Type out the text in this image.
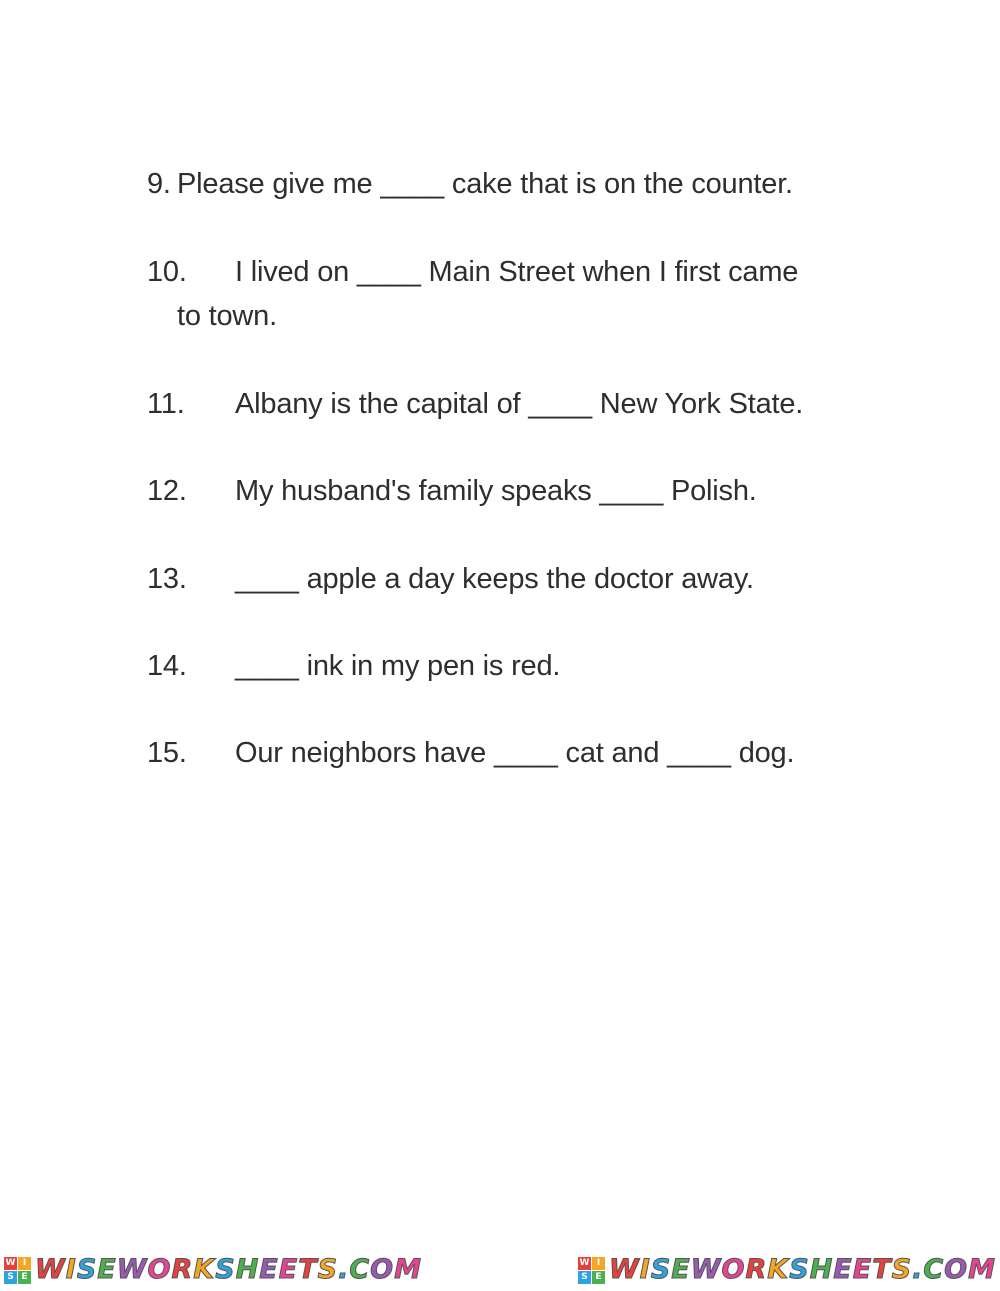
9. Please give me ____ cake that is on the counter.
10. I lived on ____ Main Street when I first came
to town.
11. Albany is the capital of ____ New York State.
12. My husband's family speaks ____ Polish.
13. ____ apple a day keeps the doctor away.
14. ____ ink in my pen is red.
15. Our neighbors have ____ cat and ____ dog.
W I
S E WISEWORKSHEETS.COM	W I
S E WISEWORKSHEETS.COM
